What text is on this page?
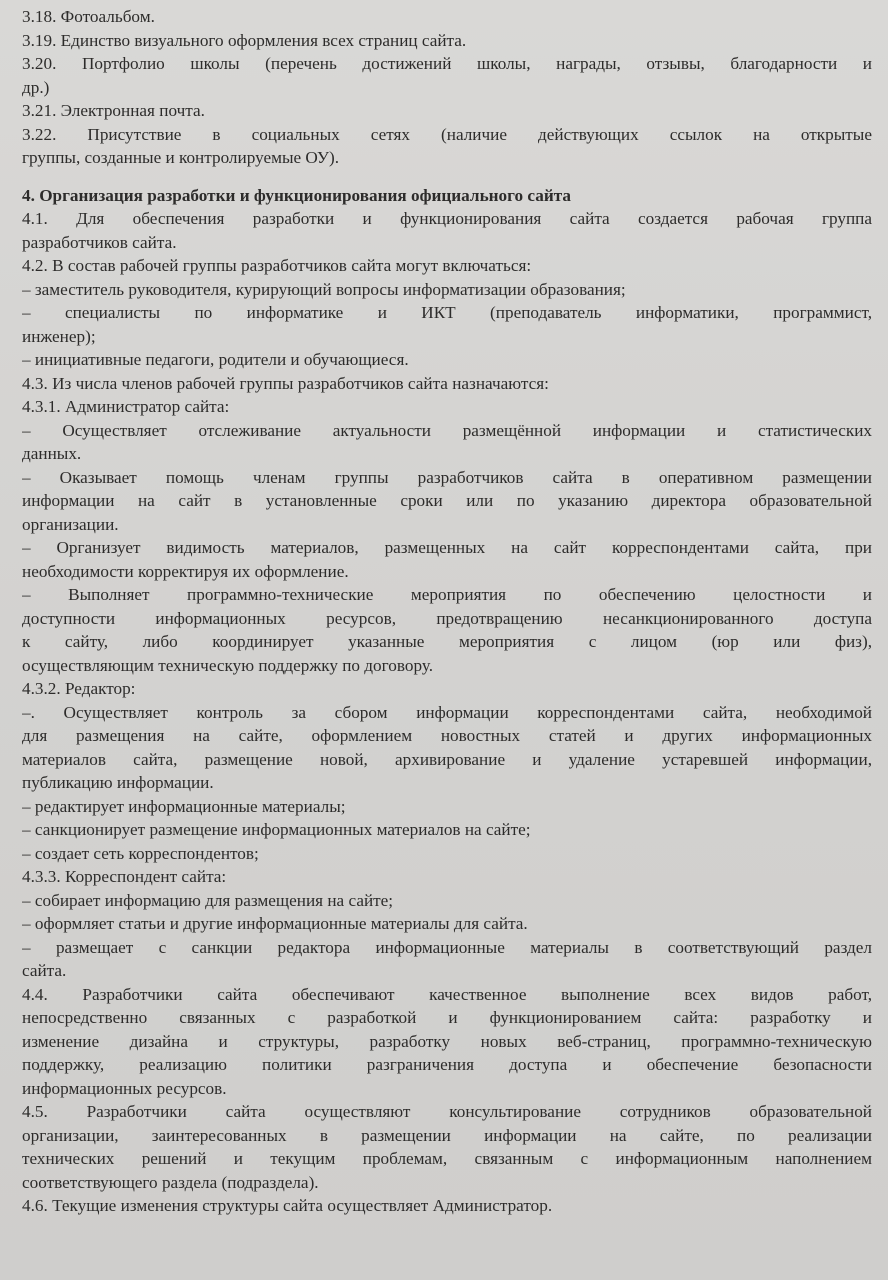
3.18. Фотоальбом.
3.19. Единство визуального оформления всех страниц сайта.
3.20. Портфолио школы (перечень достижений школы, награды, отзывы, благодарности и
др.)
3.21. Электронная почта.
3.22. Присутствие в социальных сетях (наличие действующих ссылок на открытые
группы, созданные и контролируемые ОУ).
4. Организация разработки и функционирования официального сайта
4.1. Для обеспечения разработки и функционирования сайта создается рабочая группа
разработчиков сайта.
4.2. В состав рабочей группы разработчиков сайта могут включаться:
– заместитель руководителя, курирующий вопросы информатизации образования;
– специалисты по информатике и ИКТ (преподаватель информатики, программист,
инженер);
– инициативные педагоги, родители и обучающиеся.
4.3. Из числа членов рабочей группы разработчиков сайта назначаются:
4.3.1. Администратор сайта:
– Осуществляет отслеживание актуальности размещённой информации и статистических
данных.
– Оказывает помощь членам группы разработчиков сайта в оперативном размещении
информации на сайт в установленные сроки или по указанию директора образовательной
организации.
– Организует видимость материалов, размещенных на сайт корреспондентами сайта, при
необходимости корректируя их оформление.
– Выполняет программно-технические мероприятия по обеспечению целостности и
доступности информационных ресурсов, предотвращению несанкционированного доступа
к сайту, либо координирует указанные мероприятия с лицом (юр или физ),
осуществляющим техническую поддержку по договору.
4.3.2. Редактор:
–. Осуществляет контроль за сбором информации корреспондентами сайта, необходимой
для размещения на сайте, оформлением новостных статей и других информационных
материалов сайта, размещение новой, архивирование и удаление устаревшей информации,
публикацию информации.
– редактирует информационные материалы;
– санкционирует размещение информационных материалов на сайте;
– создает сеть корреспондентов;
4.3.3. Корреспондент сайта:
– собирает информацию для размещения на сайте;
– оформляет статьи и другие информационные материалы для сайта.
– размещает с санкции редактора информационные материалы в соответствующий раздел
сайта.
4.4. Разработчики сайта обеспечивают качественное выполнение всех видов работ,
непосредственно связанных с разработкой и функционированием сайта: разработку и
изменение дизайна и структуры, разработку новых веб-страниц, программно-техническую
поддержку, реализацию политики разграничения доступа и обеспечение безопасности
информационных ресурсов.
4.5. Разработчики сайта осуществляют консультирование сотрудников образовательной
организации, заинтересованных в размещении информации на сайте, по реализации
технических решений и текущим проблемам, связанным с информационным наполнением
соответствующего раздела (подраздела).
4.6. Текущие изменения структуры сайта осуществляет Администратор.
